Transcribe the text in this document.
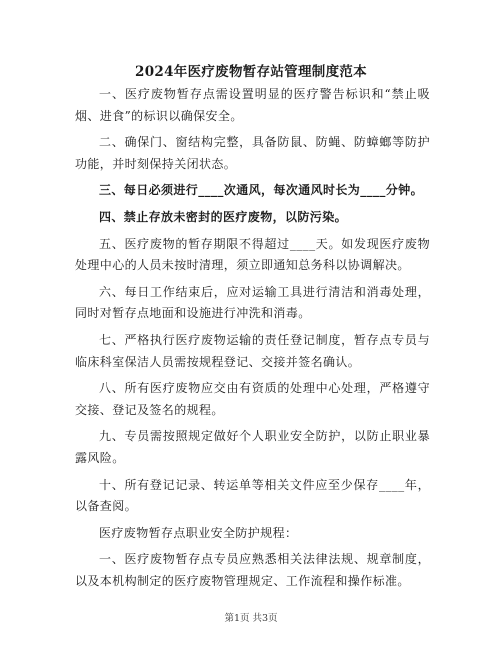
2024年医疗废物暂存站管理制度范本

一、医疗废物暂存点需设置明显的医疗警告标识和“禁止吸烟、进食”的标识以确保安全。

二、确保门、窗结构完整，具备防鼠、防蝇、防蟑螂等防护功能，并时刻保持关闭状态。

三、每日必须进行____次通风，每次通风时长为____分钟。

四、禁止存放未密封的医疗废物，以防污染。

五、医疗废物的暂存期限不得超过____天。如发现医疗废物处理中心的人员未按时清理，须立即通知总务科以协调解决。

六、每日工作结束后，应对运输工具进行清洁和消毒处理，同时对暂存点地面和设施进行冲洗和消毒。

七、严格执行医疗废物运输的责任登记制度，暂存点专员与临床科室保洁人员需按规程登记、交接并签名确认。

八、所有医疗废物应交由有资质的处理中心处理，严格遵守交接、登记及签名的规程。

九、专员需按照规定做好个人职业安全防护，以防止职业暴露风险。

十、所有登记记录、转运单等相关文件应至少保存____年，以备查阅。

医疗废物暂存点职业安全防护规程：

一、医疗废物暂存点专员应熟悉相关法律法规、规章制度，以及本机构制定的医疗废物管理规定、工作流程和操作标准。

第1页 共3页
